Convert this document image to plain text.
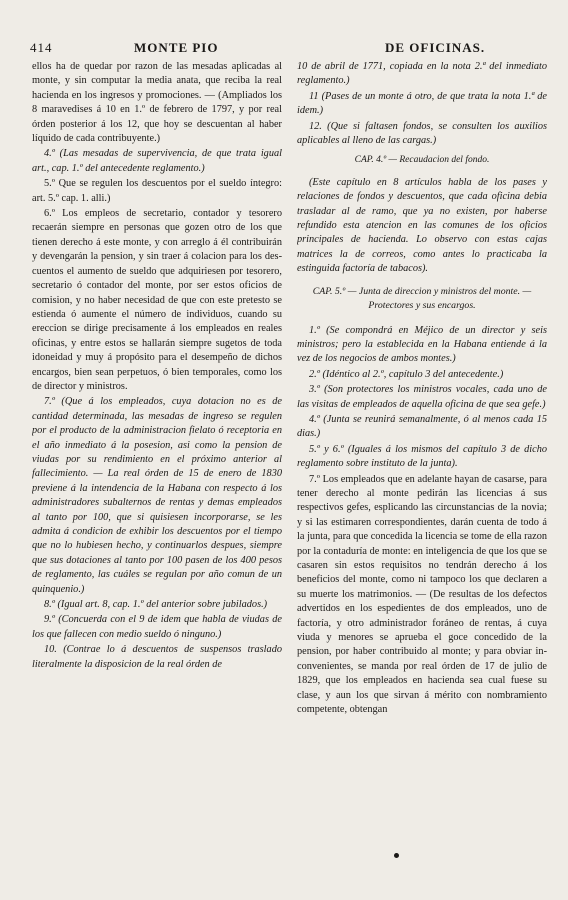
414	MONTE PIO	DE OFICINAS.

ellos ha de quedar por razon de las mesadas aplicadas al monte, y sin computar la media anata, que reciba la real hacienda en los ingresos y promociones. — (Ampliados los 8 maravedises á 10 en 1.º de febrero de 1797, y por real órden posterior á los 12, que hoy se descuentan al haber líquido de cada contribuyente.)

4.º (Las mesadas de supervivencia, de que trata igual art., cap. 1.º del antecedente reglamento.)

5.º Que se regulen los descuentos por el sueldo íntegro: art. 5.º cap. 1. alli.)

6.º Los empleos de secretario, contador y tesorero recaerán siempre en personas que gozen otro de los que tienen derecho á este monte, y con arreglo á él contribuirán y devengarán la pension, y sin traer á colacion para los descuentos el aumento de sueldo que adquiriesen por tesorero, secretario ó contador del monte, por ser estos oficios de comision, y no haber necesidad de que con este pretesto se estienda ó aumente el número de individuos, cuando su ereccion se dirige precisamente á los empleados en reales oficinas, y entre estos se hallarán siempre sugetos de toda idoneidad y muy á propósito para el desempeño de dichos encargos, bien sean perpetuos, ó bien temporales, como los de director y ministros.

7.º (Que á los empleados, cuya dotacion no es de cantidad determinada, las mesadas de ingreso se regulen por el producto de la administracion fielato ó receptoria en el año inmediato á la posesion, asi como la pension de viudas por su rendimiento en el próximo anterior al fallecimiento. — La real órden de 15 de enero de 1830 previene á la intendencia de la Habana con respecto á los administradores subalternos de rentas y demas empleados al tanto por 100, que si quisiesen incorporarse, se les admita á condicion de exhibir los descuentos por el tiempo que no lo hubiesen hecho, y continuarlos despues, siempre que sus dotaciones al tanto por 100 pasen de los 400 pesos de reglamento, las cuáles se regulan por año comun de un quinquenio.)

8.º (Igual art. 8, cap. 1.º del anterior sobre jubilados.)

9.º (Concuerda con el 9 de idem que habla de viudas de los que fallecen con medio sueldo ó ninguno.)

10. (Contrae lo á descuentos de suspensos traslado literalmente la disposicion de la real órden de

10 de abril de 1771, copiada en la nota 2.ª del inmediato reglamento.)

11 (Pases de un monte á otro, de que trata la nota 1.ª de idem.)

12. (Que si faltasen fondos, se consulten los auxilios aplicables al lleno de las cargas.)

CAP. 4.º — Recaudacion del fondo.

(Este capítulo en 8 artículos habla de los pases y relaciones de fondos y descuentos, que cada oficina debia trasladar al de ramo, que ya no existen, por haberse refundido esta atencion en las comunes de los oficios principales de hacienda. Lo observo con estas cajas matrices la de correos, como antes lo practicaba la estinguida factoría de tabacos).

CAP. 5.º — Junta de direccion y ministros del monte. — Protectores y sus encargos.

1.º (Se compondrá en Méjico de un director y seis ministros; pero la establecida en la Habana entiende á la vez de los negocios de ambos montes.)

2.º (Idéntico al 2.º, capítulo 3 del antecedente.)

3.º (Son protectores los ministros vocales, cada uno de las visitas de empleados de aquella oficina de que sea gefe.)

4.º (Junta se reunirá semanalmente, ó al menos cada 15 dias.)

5.º y 6.º (Iguales á los mismos del capítulo 3 de dicho reglamento sobre instituto de la junta).

7.º Los empleados que en adelante hayan de casarse, para tener derecho al monte pedirán las licencias á sus respectivos gefes, esplicando las circunstancias de la novia; y si las estimaren correspondientes, darán cuenta de todo á la junta, para que concedida la licencia se tome de ella razon por la contaduría de monte: en inteligencia de que los que se casaren sin estos requisitos no tendrán derecho á los beneficios del monte, como ni tampoco los que declaren a su muerte los matrimonios. — (De resultas de los defectos advertidos en los espedientes de dos empleados, uno de factoría, y otro administrador foráneo de rentas, á cuya viuda y menores se aprueba el goce concedido de la pension, por haber contribuido al monte; y para obviar inconvenientes, se manda por real órden de 17 de julio de 1829, que los empleados en hacienda sea cual fuese su clase, y aun los que sirvan á mérito con nombramiento competente, obtengan
